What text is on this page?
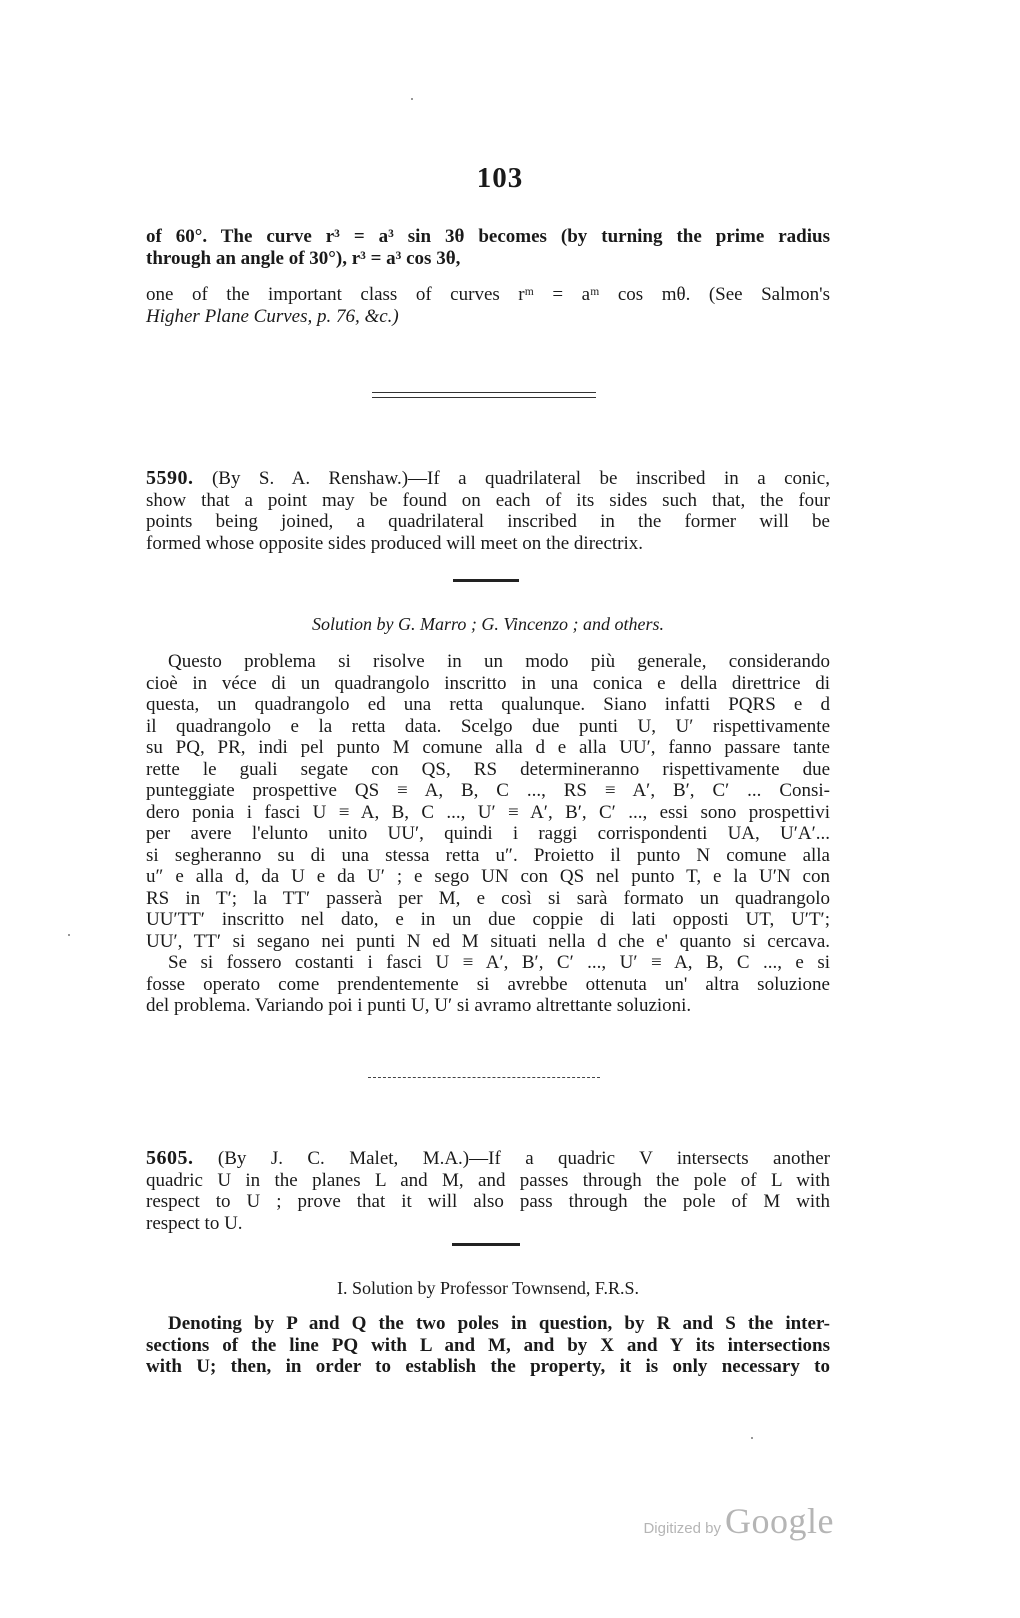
103
of 60°. The curve r³ = a³ sin 3θ becomes (by turning the prime radius
through an angle of 30°), r³ = a³ cos 3θ,
one of the important class of curves rᵐ = aᵐ cos mθ. (See Salmon's
Higher Plane Curves, p. 76, &c.)
5590. (By S. A. Renshaw.)—If a quadrilateral be inscribed in a conic,
show that a point may be found on each of its sides such that, the four
points being joined, a quadrilateral inscribed in the former will be
formed whose opposite sides produced will meet on the directrix.
Solution by G. Marro ; G. Vincenzo ; and others.
Questo problema si risolve in un modo più generale, considerando
cioè in véce di un quadrangolo inscritto in una conica e della direttrice di
questa, un quadrangolo ed una retta qualunque. Siano infatti PQRS e d
il quadrangolo e la retta data. Scelgo due punti U, U′ rispettivamente
su PQ, PR, indi pel punto M comune alla d e alla UU′, fanno passare tante
rette le guali segate con QS, RS determineranno rispettivamente due
punteggiate prospettive QS ≡ A, B, C ..., RS ≡ A′, B′, C′ ... Consi-
dero ponia i fasci U ≡ A, B, C ..., U′ ≡ A′, B′, C′ ..., essi sono prospettivi
per avere l'elunto unito UU′, quindi i raggi corrispondenti UA, U′A′...
si segheranno su di una stessa retta u″. Proietto il punto N comune alla
u″ e alla d, da U e da U′ ; e sego UN con QS nel punto T, e la U′N con
RS in T′; la TT′ passerà per M, e così si sarà formato un quadrangolo
UU′TT′ inscritto nel dato, e in un due coppie di lati opposti UT, U′T′;
UU′, TT′ si segano nei punti N ed M situati nella d che e' quanto si cercava.
Se si fossero costanti i fasci U ≡ A′, B′, C′ ..., U′ ≡ A, B, C ..., e si
fosse operato come prendentemente si avrebbe ottenuta un' altra soluzione
del problema. Variando poi i punti U, U′ si avramo altrettante soluzioni.
5605. (By J. C. Malet, M.A.)—If a quadric V intersects another
quadric U in the planes L and M, and passes through the pole of L with
respect to U ; prove that it will also pass through the pole of M with
respect to U.
I. Solution by Professor Townsend, F.R.S.
Denoting by P and Q the two poles in question, by R and S the inter-
sections of the line PQ with L and M, and by X and Y its intersections
with U; then, in order to establish the property, it is only necessary to
Digitized by Google
